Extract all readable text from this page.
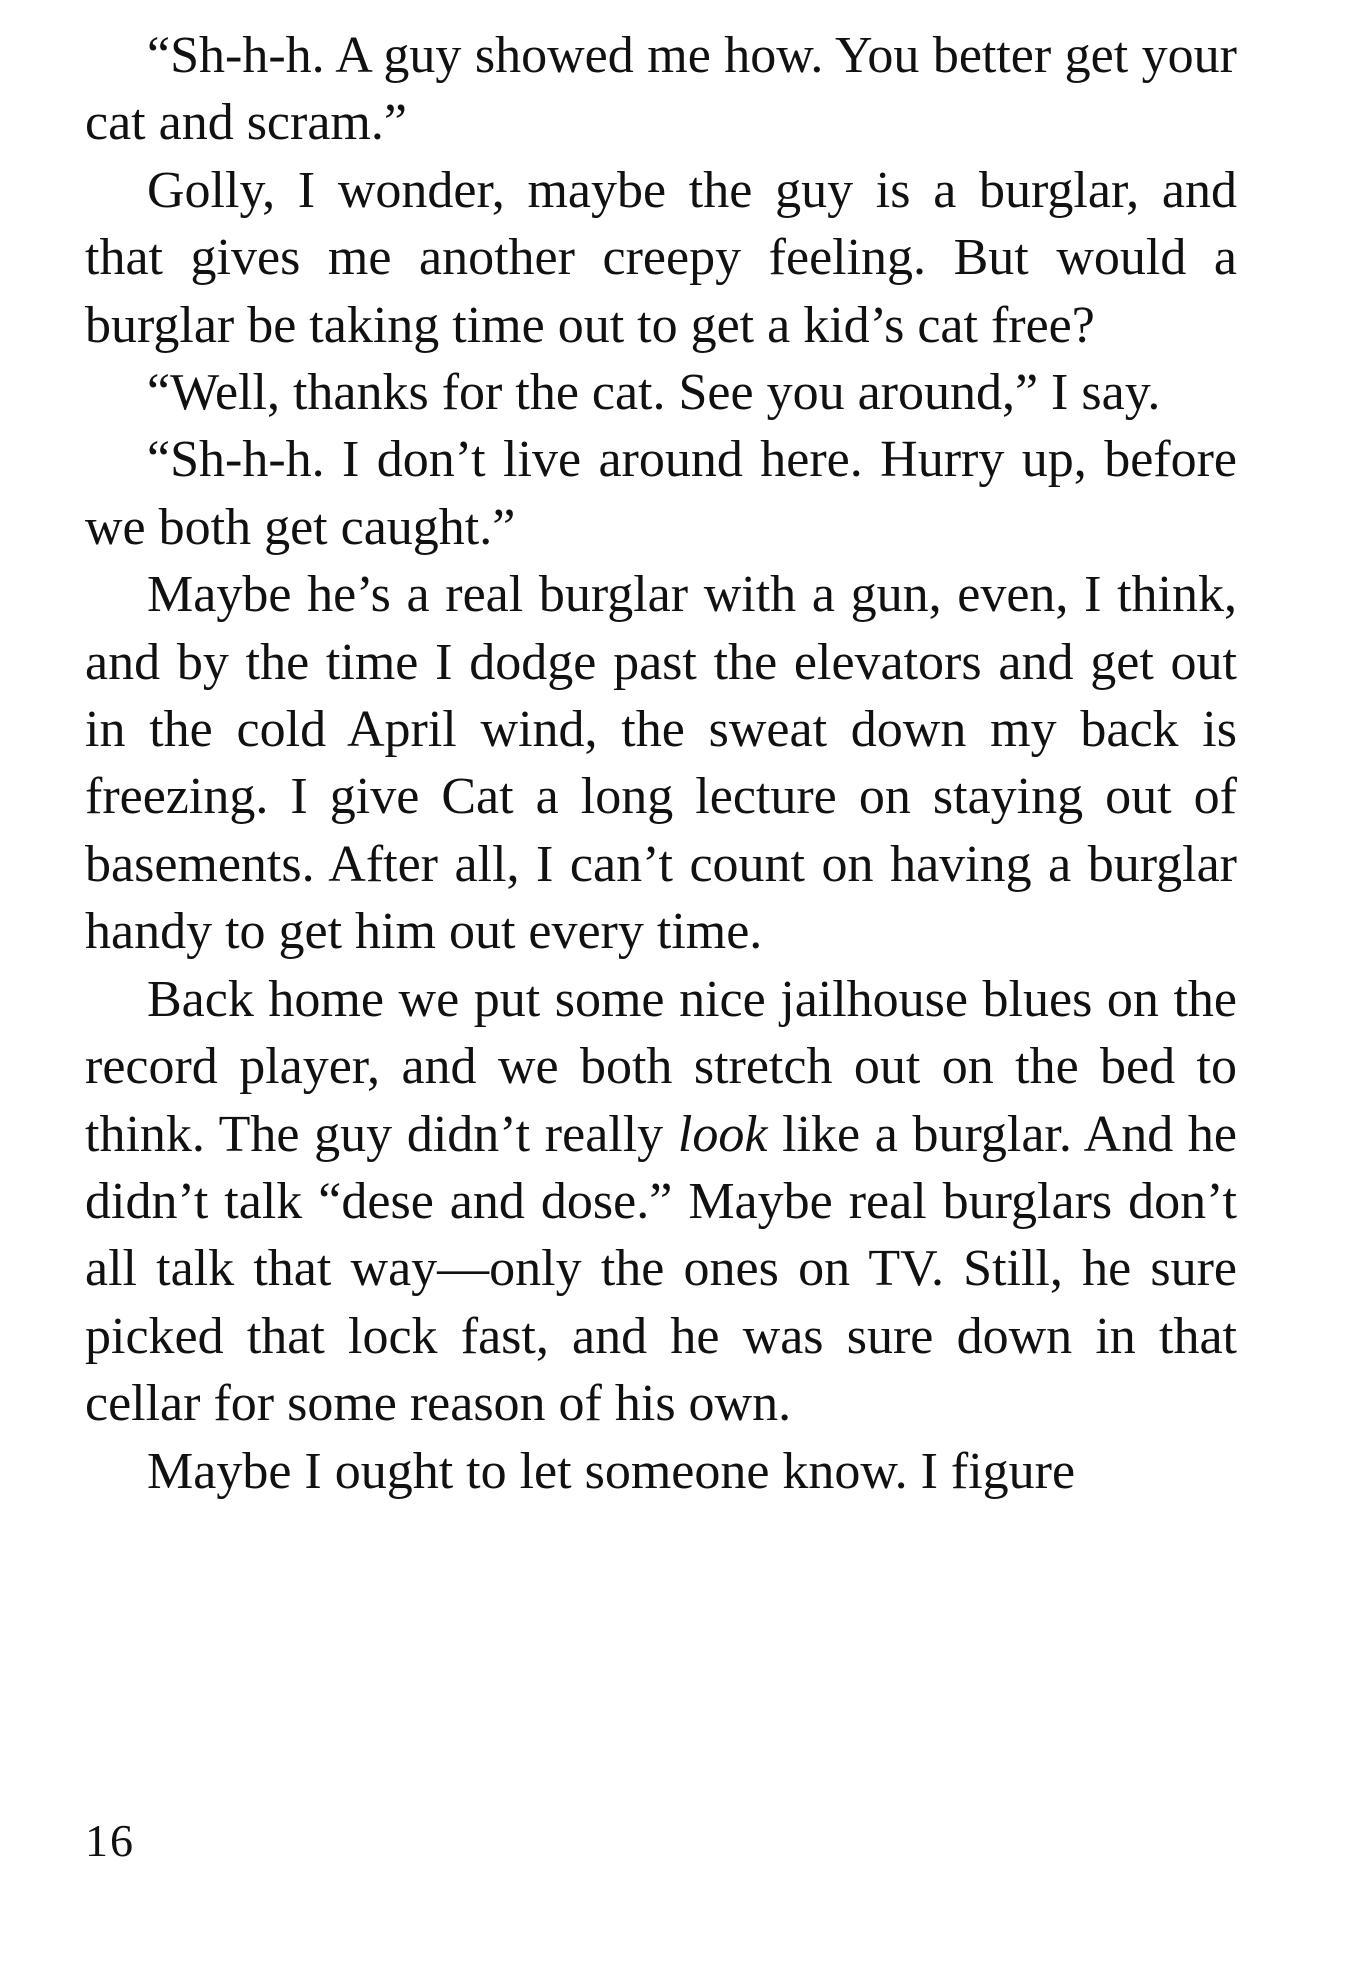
“Sh-h-h. A guy showed me how. You better get your cat and scram.”

Golly, I wonder, maybe the guy is a burglar, and that gives me another creepy feeling. But would a burglar be taking time out to get a kid’s cat free?

“Well, thanks for the cat. See you around,” I say.

“Sh-h-h. I don’t live around here. Hurry up, before we both get caught.”

Maybe he’s a real burglar with a gun, even, I think, and by the time I dodge past the elevators and get out in the cold April wind, the sweat down my back is freezing. I give Cat a long lecture on staying out of basements. After all, I can’t count on having a burglar handy to get him out every time.

Back home we put some nice jailhouse blues on the record player, and we both stretch out on the bed to think. The guy didn’t really look like a burglar. And he didn’t talk “dese and dose.” Maybe real burglars don’t all talk that way—only the ones on TV. Still, he sure picked that lock fast, and he was sure down in that cellar for some reason of his own.

Maybe I ought to let someone know. I figure

16
